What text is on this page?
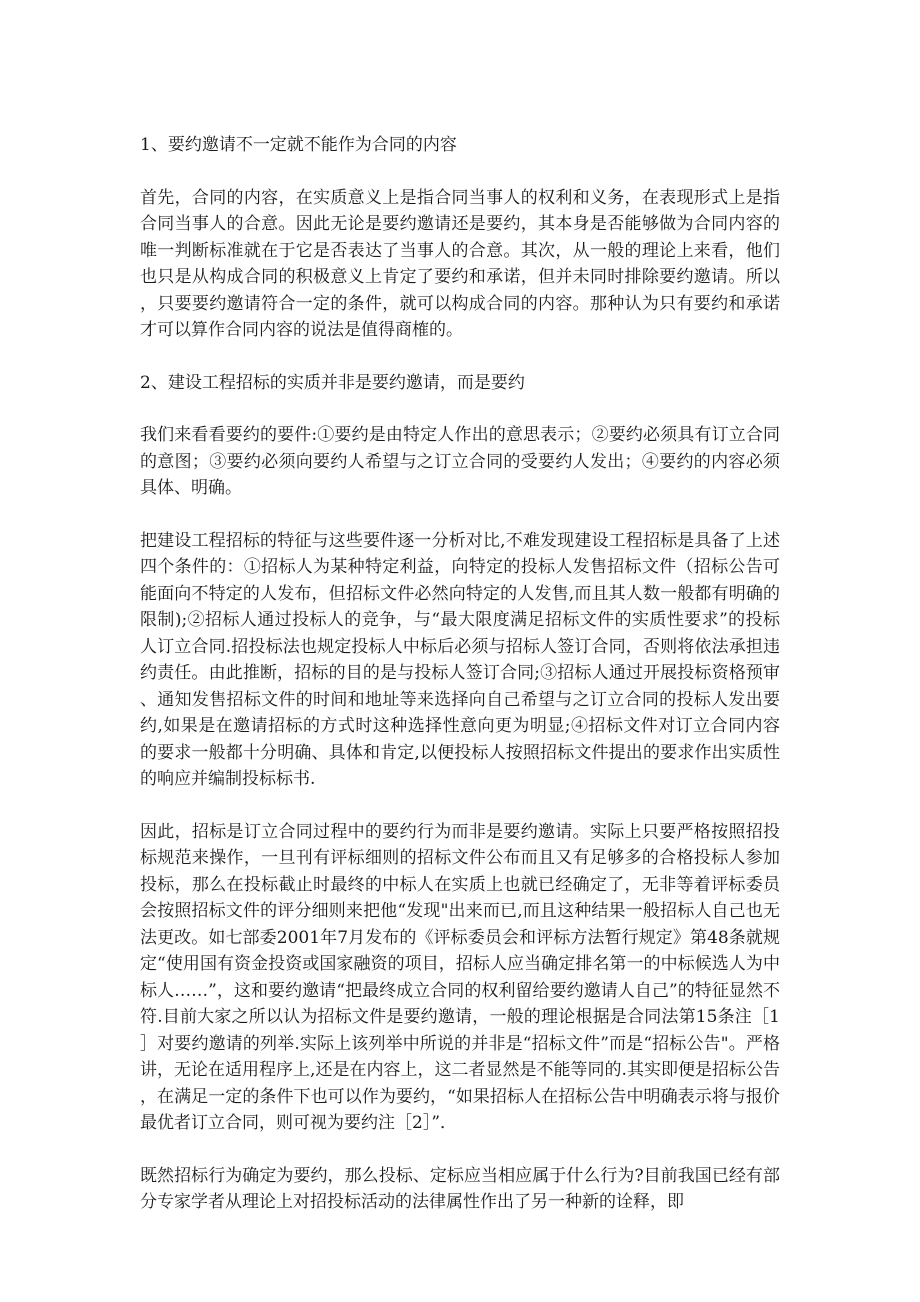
1、要约邀请不一定就不能作为合同的内容

首先，合同的内容，在实质意义上是指合同当事人的权利和义务，在表现形式上是指合同当事人的合意。因此无论是要约邀请还是要约，其本身是否能够做为合同内容的唯一判断标准就在于它是否表达了当事人的合意。其次，从一般的理论上来看，他们也只是从构成合同的积极意义上肯定了要约和承诺，但并未同时排除要约邀请。所以，只要要约邀请符合一定的条件，就可以构成合同的内容。那种认为只有要约和承诺才可以算作合同内容的说法是值得商榷的。

2、建设工程招标的实质并非是要约邀请，而是要约

我们来看看要约的要件:①要约是由特定人作出的意思表示；②要约必须具有订立合同的意图；③要约必须向要约人希望与之订立合同的受要约人发出；④要约的内容必须具体、明确。

把建设工程招标的特征与这些要件逐一分析对比,不难发现建设工程招标是具备了上述四个条件的：①招标人为某种特定利益，向特定的投标人发售招标文件（招标公告可能面向不特定的人发布，但招标文件必然向特定的人发售,而且其人数一般都有明确的限制);②招标人通过投标人的竞争，与“最大限度满足招标文件的实质性要求”的投标人订立合同.招投标法也规定投标人中标后必须与招标人签订合同，否则将依法承担违约责任。由此推断，招标的目的是与投标人签订合同;③招标人通过开展投标资格预审、通知发售招标文件的时间和地址等来选择向自己希望与之订立合同的投标人发出要约,如果是在邀请招标的方式时这种选择性意向更为明显;④招标文件对订立合同内容的要求一般都十分明确、具体和肯定,以便投标人按照招标文件提出的要求作出实质性的响应并编制投标标书.

因此，招标是订立合同过程中的要约行为而非是要约邀请。实际上只要严格按照招投标规范来操作，一旦刊有评标细则的招标文件公布而且又有足够多的合格投标人参加投标，那么在投标截止时最终的中标人在实质上也就已经确定了，无非等着评标委员会按照招标文件的评分细则来把他“发现"出来而已,而且这种结果一般招标人自己也无法更改。如七部委2001年7月发布的《评标委员会和评标方法暂行规定》第48条就规定“使用国有资金投资或国家融资的项目，招标人应当确定排名第一的中标候选人为中标人……”，这和要约邀请“把最终成立合同的权利留给要约邀请人自己”的特征显然不符.目前大家之所以认为招标文件是要约邀请，一般的理论根据是合同法第15条注［1］对要约邀请的列举.实际上该列举中所说的并非是“招标文件”而是“招标公告"。严格讲，无论在适用程序上,还是在内容上，这二者显然是不能等同的.其实即便是招标公告，在满足一定的条件下也可以作为要约，“如果招标人在招标公告中明确表示将与报价最优者订立合同，则可视为要约注［2］”．

既然招标行为确定为要约，那么投标、定标应当相应属于什么行为?目前我国已经有部分专家学者从理论上对招投标活动的法律属性作出了另一种新的诠释，即
